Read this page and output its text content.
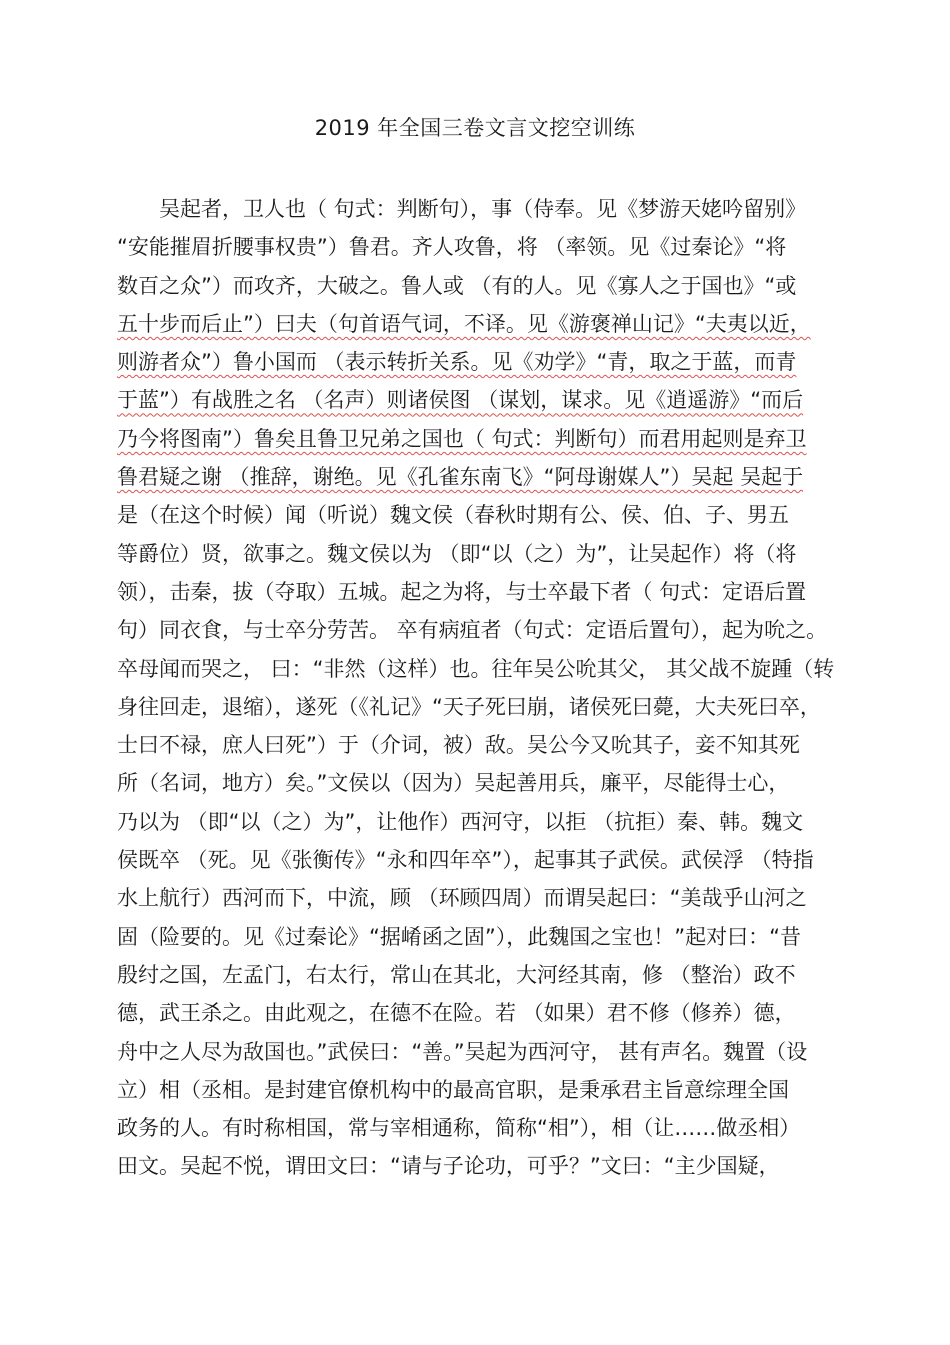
2019 年全国三卷文言文挖空训练
吴起者，卫人也（ 句式：判断句），事（侍奉。见《梦游天姥吟留别》
“安能摧眉折腰事权贵”）鲁君。齐人攻鲁，将 （率领。见《过秦论》“将
数百之众”）而攻齐，大破之。鲁人或 （有的人。见《寡人之于国也》“或
五十步而后止”）曰夫（句首语气词，不译。见《游褒禅山记》“夫夷以近，
则游者众”）鲁小国而 （表示转折关系。见《劝学》“青，取之于蓝，而青
于蓝”）有战胜之名 （名声）则诸侯图 （谋划，谋求。见《逍遥游》“而后
乃今将图南”）鲁矣且鲁卫兄弟之国也（ 句式：判断句）而君用起则是弃卫
鲁君疑之谢 （推辞，谢绝。见《孔雀东南飞》“阿母谢媒人”）吴起 吴起于
是（在这个时候）闻（听说）魏文侯（春秋时期有公、侯、伯、子、男五
等爵位）贤，欲事之。魏文侯以为 （即“以（之）为”，让吴起作）将（将
领），击秦，拔（夺取）五城。起之为将，与士卒最下者（ 句式：定语后置
句）同衣食，与士卒分劳苦。 卒有病疽者（句式：定语后置句），起为吮之。
卒母闻而哭之， 曰：“非然（这样）也。往年吴公吮其父， 其父战不旋踵（转
身往回走，退缩），遂死（《礼记》“天子死曰崩，诸侯死曰薨，大夫死曰卒，
士曰不禄，庶人曰死”）于（介词，被）敌。吴公今又吮其子，妾不知其死
所（名词，地方）矣。”文侯以（因为）吴起善用兵，廉平，尽能得士心，
乃以为 （即“以（之）为”，让他作）西河守，以拒 （抗拒）秦、韩。魏文
侯既卒 （死。见《张衡传》“永和四年卒”），起事其子武侯。武侯浮 （特指
水上航行）西河而下，中流，顾 （环顾四周）而谓吴起曰：“美哉乎山河之
固（险要的。见《过秦论》“据崤函之固”），此魏国之宝也！”起对曰：“昔
殷纣之国，左孟门，右太行，常山在其北，大河经其南，修 （整治）政不
德，武王杀之。由此观之，在德不在险。若 （如果）君不修（修养）德，
舟中之人尽为敌国也。”武侯曰：“善。”吴起为西河守， 甚有声名。魏置（设
立）相（丞相。是封建官僚机构中的最高官职，是秉承君主旨意综理全国
政务的人。有时称相国，常与宰相通称，简称“相”），相（让……做丞相）
田文。吴起不悦，谓田文曰：“请与子论功，可乎？”文曰：“主少国疑，
